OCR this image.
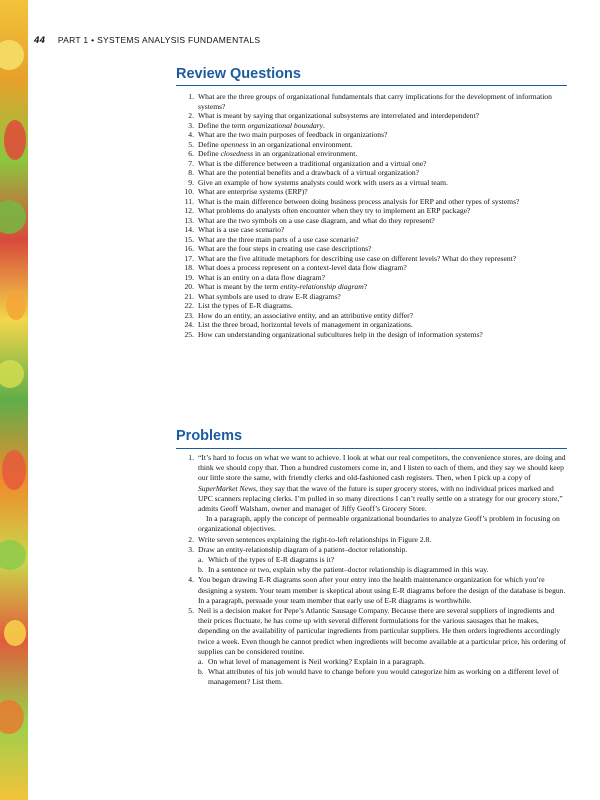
44 PART 1 • SYSTEMS ANALYSIS FUNDAMENTALS
Review Questions
1. What are the three groups of organizational fundamentals that carry implications for the development of information systems?
2. What is meant by saying that organizational subsystems are interrelated and interdependent?
3. Define the term organizational boundary.
4. What are the two main purposes of feedback in organizations?
5. Define openness in an organizational environment.
6. Define closedness in an organizational environment.
7. What is the difference between a traditional organization and a virtual one?
8. What are the potential benefits and a drawback of a virtual organization?
9. Give an example of how systems analysts could work with users as a virtual team.
10. What are enterprise systems (ERP)?
11. What is the main difference between doing business process analysis for ERP and other types of systems?
12. What problems do analysts often encounter when they try to implement an ERP package?
13. What are the two symbols on a use case diagram, and what do they represent?
14. What is a use case scenario?
15. What are the three main parts of a use case scenario?
16. What are the four steps in creating use case descriptions?
17. What are the five altitude metaphors for describing use case on different levels? What do they represent?
18. What does a process represent on a context-level data flow diagram?
19. What is an entity on a data flow diagram?
20. What is meant by the term entity-relationship diagram?
21. What symbols are used to draw E-R diagrams?
22. List the types of E-R diagrams.
23. How do an entity, an associative entity, and an attributive entity differ?
24. List the three broad, horizontal levels of management in organizations.
25. How can understanding organizational subcultures help in the design of information systems?
Problems
1. “It’s hard to focus on what we want to achieve. I look at what our real competitors, the convenience stores, are doing and think we should copy that. Then a hundred customers come in, and I listen to each of them, and they say we should keep our little store the same, with friendly clerks and old-fashioned cash registers. Then, when I pick up a copy of SuperMarket News, they say that the wave of the future is super grocery stores, with no individual prices marked and UPC scanners replacing clerks. I’m pulled in so many directions I can’t really settle on a strategy for our grocery store,” admits Geoff Walsham, owner and manager of Jiffy Geoff’s Grocery Store.
In a paragraph, apply the concept of permeable organizational boundaries to analyze Geoff’s problem in focusing on organizational objectives.
2. Write seven sentences explaining the right-to-left relationships in Figure 2.8.
3. Draw an entity-relationship diagram of a patient–doctor relationship.
a. Which of the types of E-R diagrams is it?
b. In a sentence or two, explain why the patient–doctor relationship is diagrammed in this way.
4. You began drawing E-R diagrams soon after your entry into the health maintenance organization for which you’re designing a system. Your team member is skeptical about using E-R diagrams before the design of the database is begun. In a paragraph, persuade your team member that early use of E-R diagrams is worthwhile.
5. Neil is a decision maker for Pepe’s Atlantic Sausage Company. Because there are several suppliers of ingredients and their prices fluctuate, he has come up with several different formulations for the various sausages that he makes, depending on the availability of particular ingredients from particular suppliers. He then orders ingredients accordingly twice a week. Even though he cannot predict when ingredients will become available at a particular price, his ordering of supplies can be considered routine.
a. On what level of management is Neil working? Explain in a paragraph.
b. What attributes of his job would have to change before you would categorize him as working on a different level of management? List them.
